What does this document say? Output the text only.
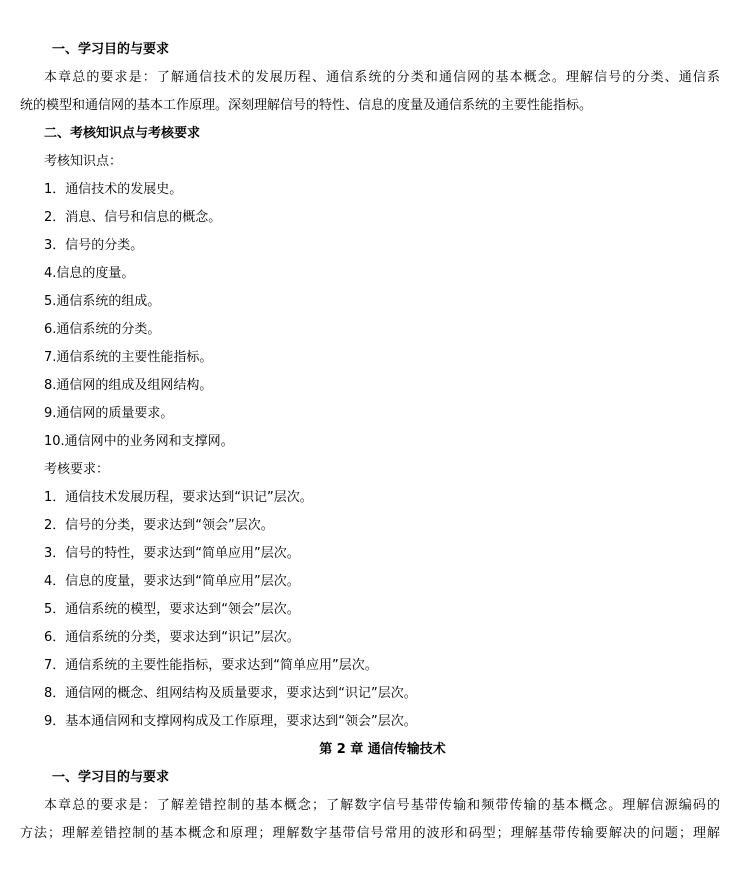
一、学习目的与要求
本章总的要求是：了解通信技术的发展历程、通信系统的分类和通信网的基本概念。理解信号的分类、通信系
统的模型和通信网的基本工作原理。深刻理解信号的特性、信息的度量及通信系统的主要性能指标。
二、考核知识点与考核要求
考核知识点：
1．通信技术的发展史。
2．消息、信号和信息的概念。
3．信号的分类。
4.信息的度量。
5.通信系统的组成。
6.通信系统的分类。
7.通信系统的主要性能指标。
8.通信网的组成及组网结构。
9.通信网的质量要求。
10.通信网中的业务网和支撑网。
考核要求：
1．通信技术发展历程，要求达到“识记”层次。
2．信号的分类，要求达到“领会”层次。
3．信号的特性，要求达到“简单应用”层次。
4．信息的度量，要求达到“简单应用”层次。
5．通信系统的模型，要求达到“领会”层次。
6．通信系统的分类，要求达到“识记”层次。
7．通信系统的主要性能指标，要求达到“简单应用”层次。
8．通信网的概念、组网结构及质量要求，要求达到“识记”层次。
9．基本通信网和支撑网构成及工作原理，要求达到“领会”层次。
第 2 章 通信传输技术
一、学习目的与要求
本章总的要求是：了解差错控制的基本概念；了解数字信号基带传输和频带传输的基本概念。理解信源编码的
方法；理解差错控制的基本概念和原理；理解数字基带信号常用的波形和码型；理解基带传输要解决的问题；理解
